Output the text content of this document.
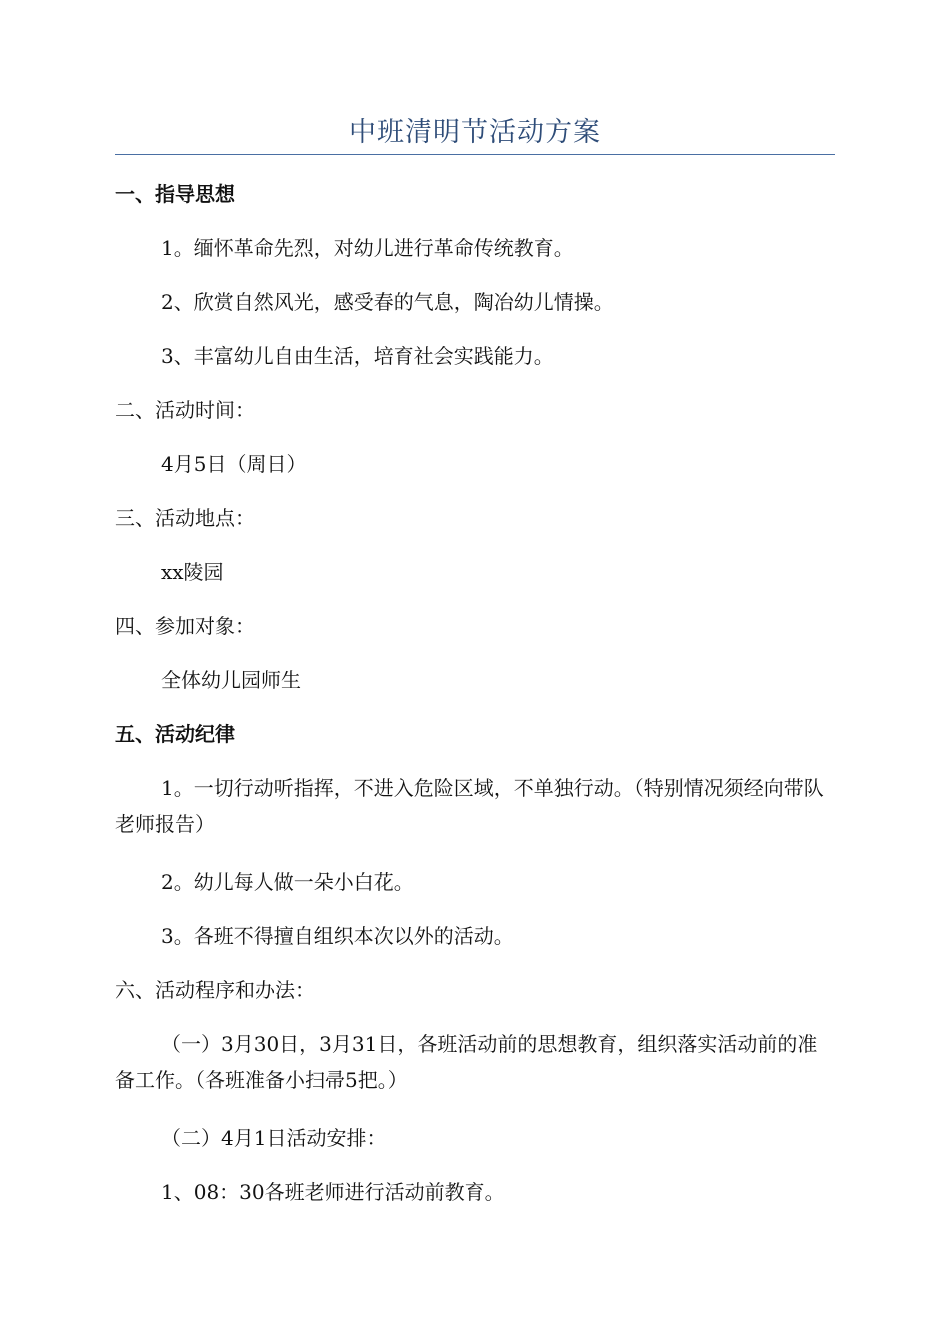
中班清明节活动方案
一、指导思想
1。缅怀革命先烈，对幼儿进行革命传统教育。
2、欣赏自然风光，感受春的气息，陶冶幼儿情操。
3、丰富幼儿自由生活，培育社会实践能力。
二、活动时间：
4月5日（周日）
三、活动地点：
xx陵园
四、参加对象：
全体幼儿园师生
五、活动纪律
1。一切行动听指挥，不进入危险区域，不单独行动。（特别情况须经向带队老师报告）
2。幼儿每人做一朵小白花。
3。各班不得擅自组织本次以外的活动。
六、活动程序和办法：
（一）3月30日，3月31日，各班活动前的思想教育，组织落实活动前的准备工作。（各班准备小扫帚5把。）
（二）4月1日活动安排：
1、08：30各班老师进行活动前教育。
